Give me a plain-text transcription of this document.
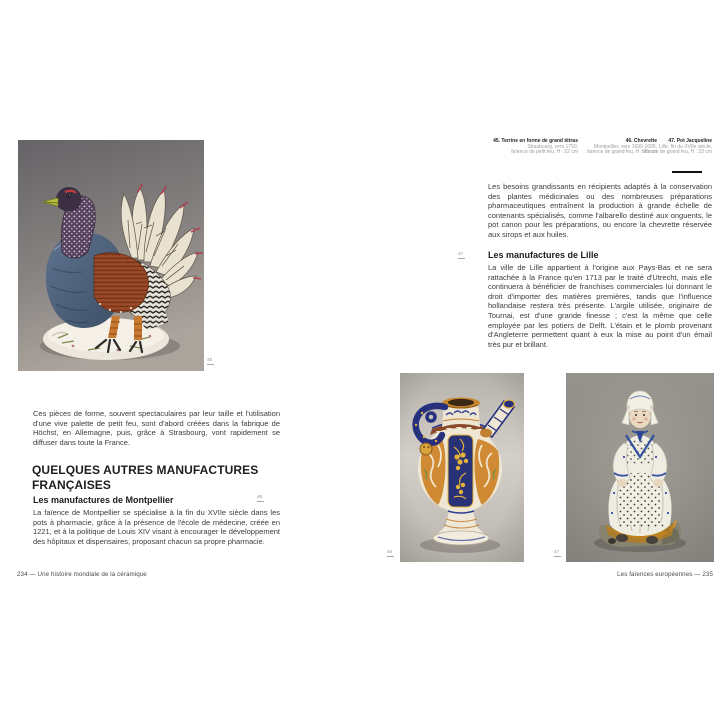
45

Ces pièces de forme, souvent spectaculaires par leur taille et l'utilisation d'une vive palette de petit feu, sont d'abord créées dans la fabrique de Höchst, en Allemagne, puis, grâce à Strasbourg, vont rapidement se diffuser dans toute la France.

QUELQUES AUTRES MANUFACTURES FRANÇAISES
Les manufactures de Montpellier	46

La faïence de Montpellier se spécialise à la fin du XVIIe siècle dans les pots à pharmacie, grâce à la présence de l'école de médecine, créée en 1221, et à la politique de Louis XIV visant à encourager le développement des hôpitaux et dispensaires, proposant chacun sa propre pharmacie.

234 — Une histoire mondiale de la céramique
45. Terrine en forme de grand tétras
Strasbourg, vers 1750,
faïence de petit feu, H : 52 cm
46. Chevrette
Montpellier, vers 1690-1695,
faïence de grand feu, H : 26 cm
47. Pot Jacqueline
Lille, fin du XVIIe siècle,
faïence de grand feu, H : 33 cm

Les besoins grandissants en récipients adaptés à la conservation des plantes médicinales ou des nombreuses préparations pharmaceutiques entraînent la production à grande échelle de contenants spécialisés, comme l'albarello destiné aux onguents, le pot canon pour les préparations, ou encore la chevrette réservée aux sirops et aux huiles.

Les manufactures de Lille
47

La ville de Lille appartient à l'origine aux Pays-Bas et ne sera rattachée à la France qu'en 1713 par le traité d'Utrecht, mais elle continuera à bénéficier de franchises commerciales lui donnant le droit d'importer des matières premières, tandis que l'influence hollandaise restera très présente. L'argile utilisée, originaire de Tournai, est d'une grande finesse ; c'est la même que celle employée par les potiers de Delft. L'étain et le plomb provenant d'Angleterre permettent quant à eux la mise au point d'un émail très pur et brillant.

46	47
Les faïences européennes — 235
